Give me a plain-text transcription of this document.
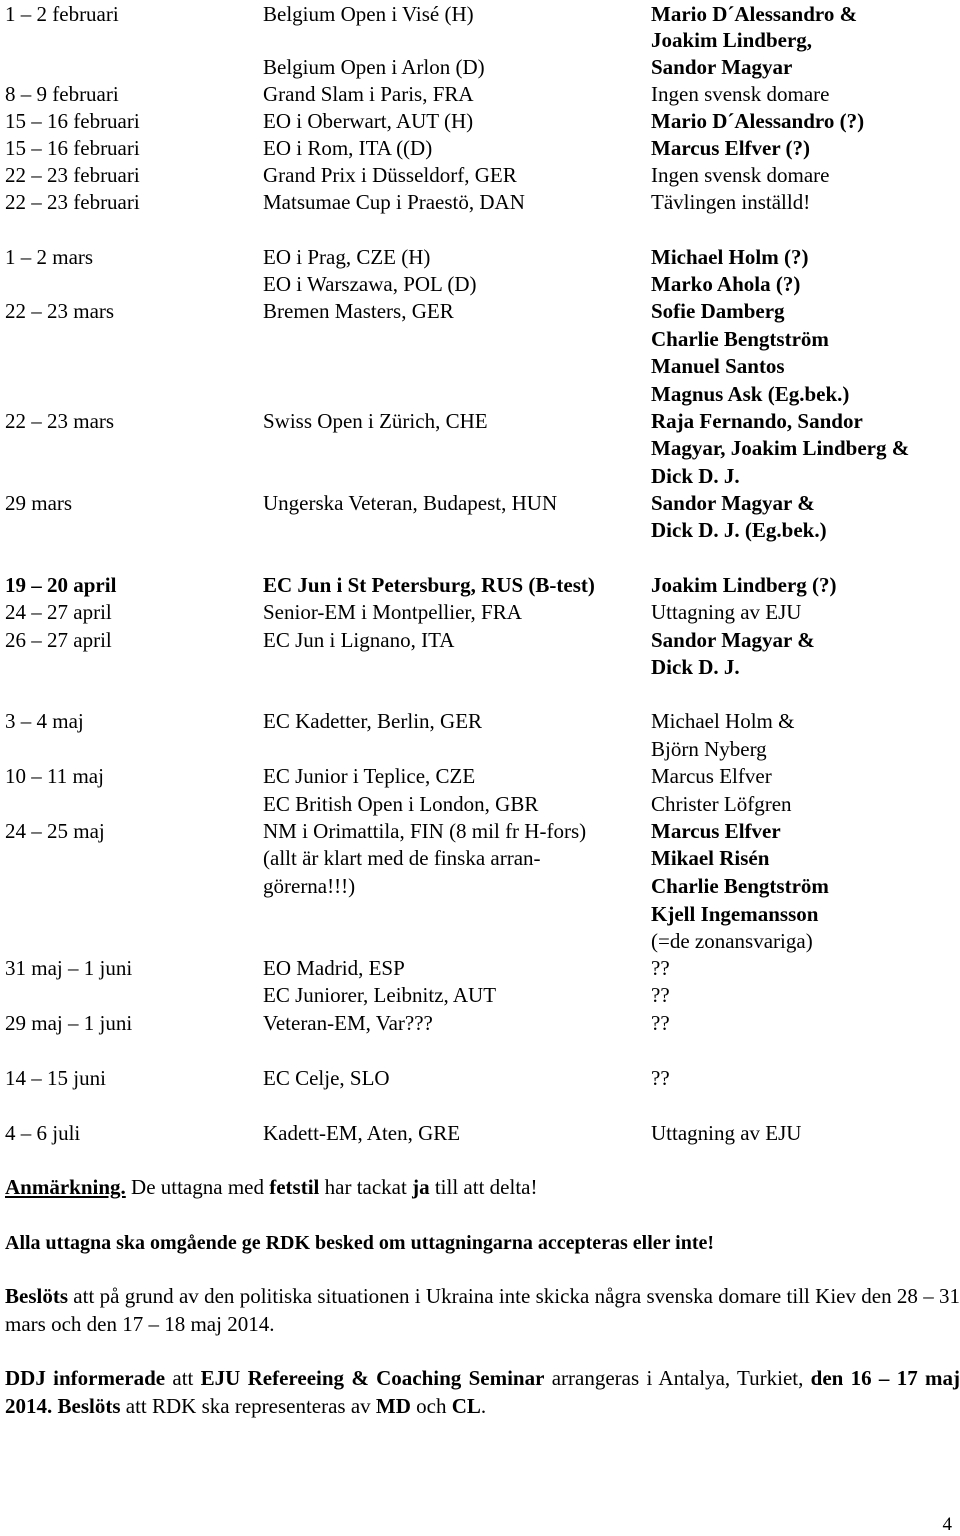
1 – 2 februari	Belgium Open i Visé (H)	Mario D´Alessandro &
Joakim Lindberg,
Belgium Open i Arlon (D)	Sandor Magyar
8 – 9 februari	Grand Slam i Paris, FRA	Ingen svensk domare
15 – 16 februari	EO i Oberwart, AUT (H)	Mario D´Alessandro (?)
15 – 16 februari	EO i Rom, ITA ((D)	Marcus Elfver (?)
22 – 23 februari	Grand Prix i Düsseldorf, GER	Ingen svensk domare
22 – 23 februari	Matsumae Cup i Praestö, DAN	Tävlingen inställd!
1 – 2 mars	EO i Prag, CZE (H)	Michael Holm (?)
EO i Warszawa, POL (D)	Marko Ahola (?)
22 – 23 mars	Bremen Masters, GER	Sofie Damberg
Charlie Bengtström
Manuel Santos
Magnus Ask (Eg.bek.)
22 – 23 mars	Swiss Open i Zürich, CHE	Raja Fernando, Sandor
Magyar, Joakim Lindberg &
Dick D. J.
29 mars	Ungerska Veteran, Budapest, HUN	Sandor Magyar &
Dick D. J. (Eg.bek.)
19 – 20 april	EC Jun i St Petersburg, RUS (B-test)	Joakim Lindberg (?)
24 – 27 april	Senior-EM i Montpellier, FRA	Uttagning av EJU
26 – 27 april	EC Jun i Lignano, ITA	Sandor Magyar &
Dick D. J.
3 – 4 maj	EC Kadetter, Berlin, GER	Michael Holm &
Björn Nyberg
10 – 11 maj	EC Junior i Teplice, CZE	Marcus Elfver
EC British Open i London, GBR	Christer Löfgren
24 – 25 maj	NM i Orimattila, FIN (8 mil fr H-fors)	Marcus Elfver
(allt är klart med de finska arran-	Mikael Risén
görerna!!!)	Charlie Bengtström
Kjell Ingemansson
(=de zonansvariga)
31 maj – 1 juni	EO Madrid, ESP	??
EC Juniorer, Leibnitz, AUT	??
29 maj – 1 juni	Veteran-EM, Var???	??
14 – 15 juni	EC Celje, SLO	??
4 – 6 juli	Kadett-EM, Aten, GRE	Uttagning av EJU
Anmärkning. De uttagna med fetstil har tackat ja till att delta!
Alla uttagna ska omgående ge RDK besked om uttagningarna accepteras eller inte!
Beslöts att på grund av den politiska situationen i Ukraina inte skicka några svenska domare till Kiev den 28 – 31 mars och den 17 – 18 maj 2014.
DDJ informerade att EJU Refereeing & Coaching Seminar arrangeras i Antalya, Turkiet, den 16 – 17 maj 2014. Beslöts att RDK ska representeras av MD och CL.
4
